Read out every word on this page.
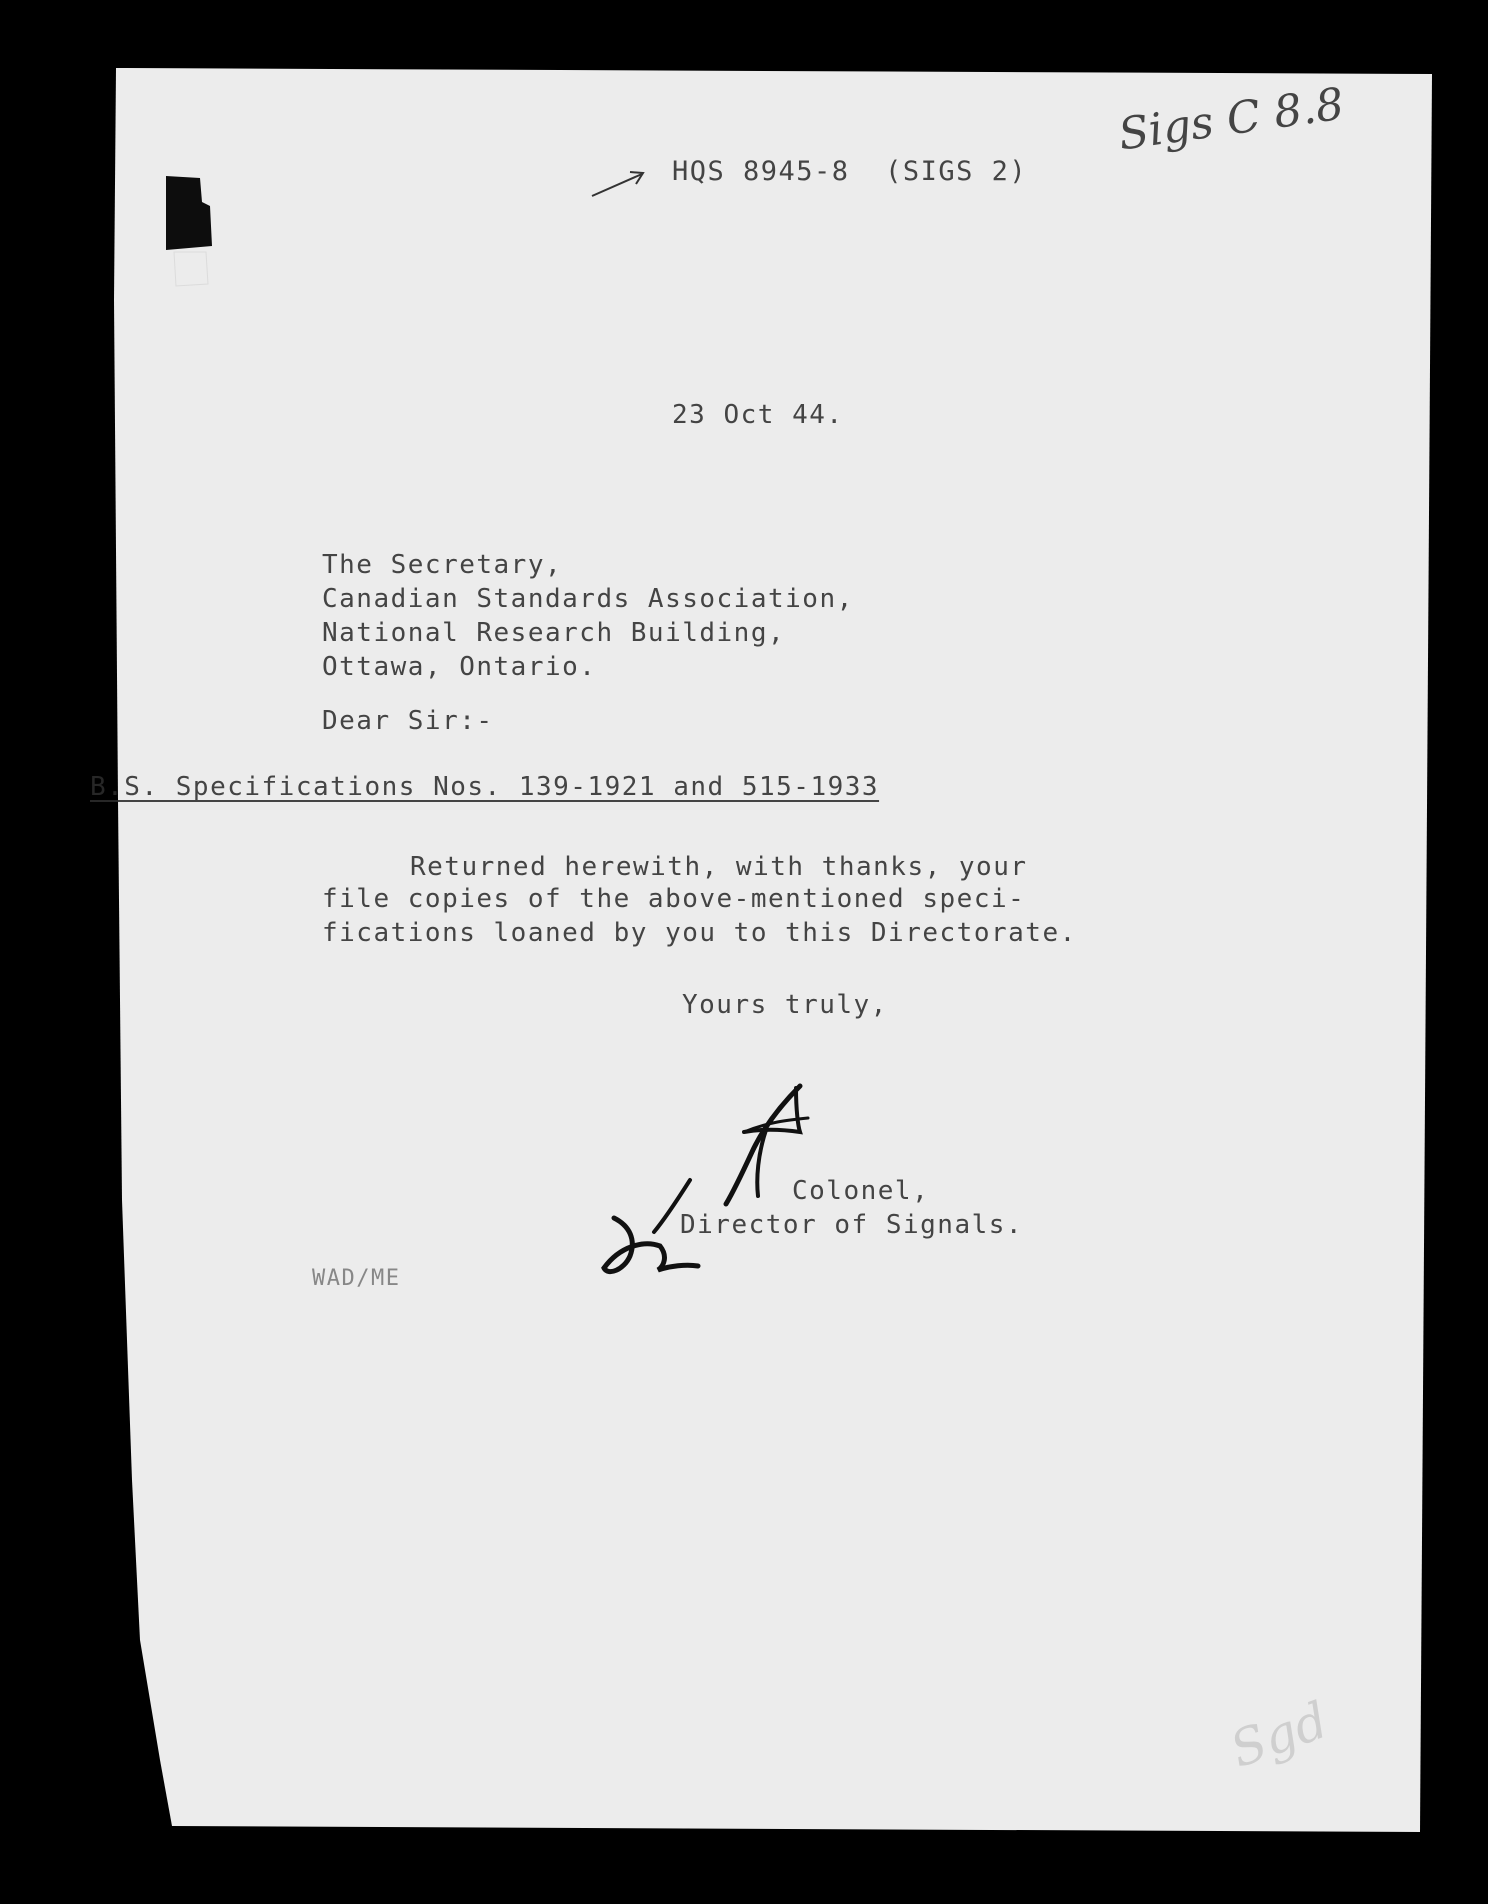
HQS 8945-8  (SIGS 2)
Sigs C 8.8
23 Oct 44.
The Secretary,
Canadian Standards Association,
National Research Building,
Ottawa, Ontario.
Dear Sir:-
B.S. Specifications Nos. 139-1921 and 515-1933
Returned herewith, with thanks, your
file copies of the above-mentioned speci-
fications loaned by you to this Directorate.
Yours truly,
Colonel,
Director of Signals.
WAD/ME
Sgd
